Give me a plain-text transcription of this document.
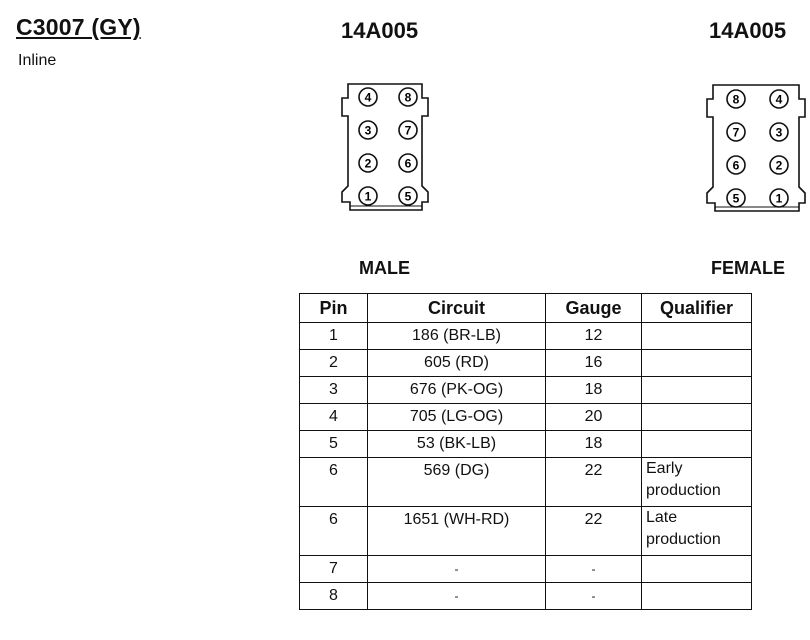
C3007 (GY)
Inline
14A005	14A005
4	8
3	7
2	6
1	5
8	4
7	3
6	2
5	1
MALE	FEMALE
Pin	Circuit	Gauge	Qualifier
1	186 (BR-LB)	12	
2	605 (RD)	16	
3	676 (PK-OG)	18	
4	705 (LG-OG)	20	
5	53 (BK-LB)	18	
6	569 (DG)	22	Early production
6	1651 (WH-RD)	22	Late production
7	-	-	
8	-	-	
